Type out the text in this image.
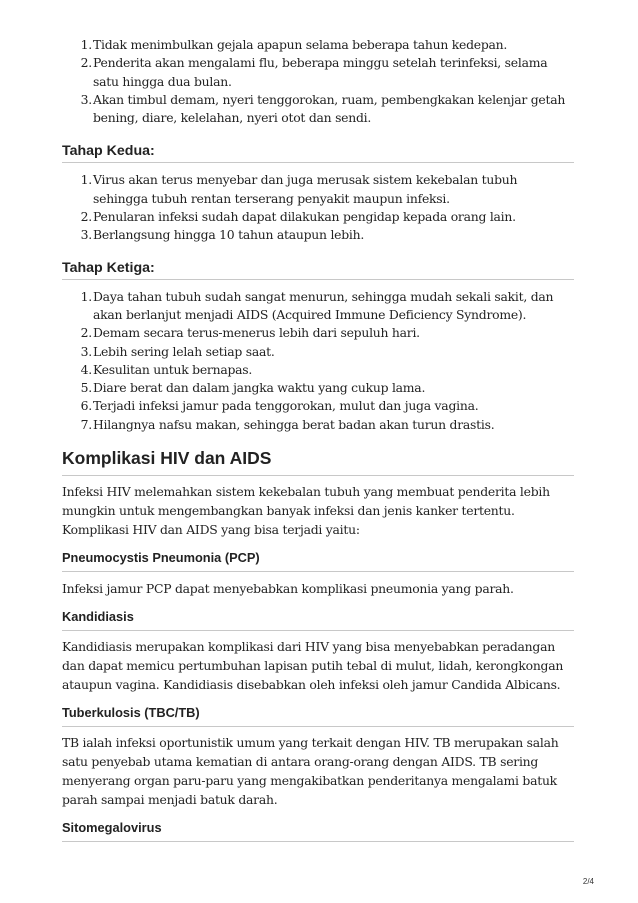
1. Tidak menimbulkan gejala apapun selama beberapa tahun kedepan.
2. Penderita akan mengalami flu, beberapa minggu setelah terinfeksi, selama satu hingga dua bulan.
3. Akan timbul demam, nyeri tenggorokan, ruam, pembengkakan kelenjar getah bening, diare, kelelahan, nyeri otot dan sendi.
Tahap Kedua:
1. Virus akan terus menyebar dan juga merusak sistem kekebalan tubuh sehingga tubuh rentan terserang penyakit maupun infeksi.
2. Penularan infeksi sudah dapat dilakukan pengidap kepada orang lain.
3. Berlangsung hingga 10 tahun ataupun lebih.
Tahap Ketiga:
1. Daya tahan tubuh sudah sangat menurun, sehingga mudah sekali sakit, dan akan berlanjut menjadi AIDS (Acquired Immune Deficiency Syndrome).
2. Demam secara terus-menerus lebih dari sepuluh hari.
3. Lebih sering lelah setiap saat.
4. Kesulitan untuk bernapas.
5. Diare berat dan dalam jangka waktu yang cukup lama.
6. Terjadi infeksi jamur pada tenggorokan, mulut dan juga vagina.
7. Hilangnya nafsu makan, sehingga berat badan akan turun drastis.
Komplikasi HIV dan AIDS

Infeksi HIV melemahkan sistem kekebalan tubuh yang membuat penderita lebih mungkin untuk mengembangkan banyak infeksi dan jenis kanker tertentu. Komplikasi HIV dan AIDS yang bisa terjadi yaitu:

Pneumocystis Pneumonia (PCP)

Infeksi jamur PCP dapat menyebabkan komplikasi pneumonia yang parah.

Kandidiasis

Kandidiasis merupakan komplikasi dari HIV yang bisa menyebabkan peradangan dan dapat memicu pertumbuhan lapisan putih tebal di mulut, lidah, kerongkongan ataupun vagina. Kandidiasis disebabkan oleh infeksi oleh jamur Candida Albicans.

Tuberkulosis (TBC/TB)

TB ialah infeksi oportunistik umum yang terkait dengan HIV. TB merupakan salah satu penyebab utama kematian di antara orang-orang dengan AIDS. TB sering menyerang organ paru-paru yang mengakibatkan penderitanya mengalami batuk parah sampai menjadi batuk darah.

Sitomegalovirus
2/4
